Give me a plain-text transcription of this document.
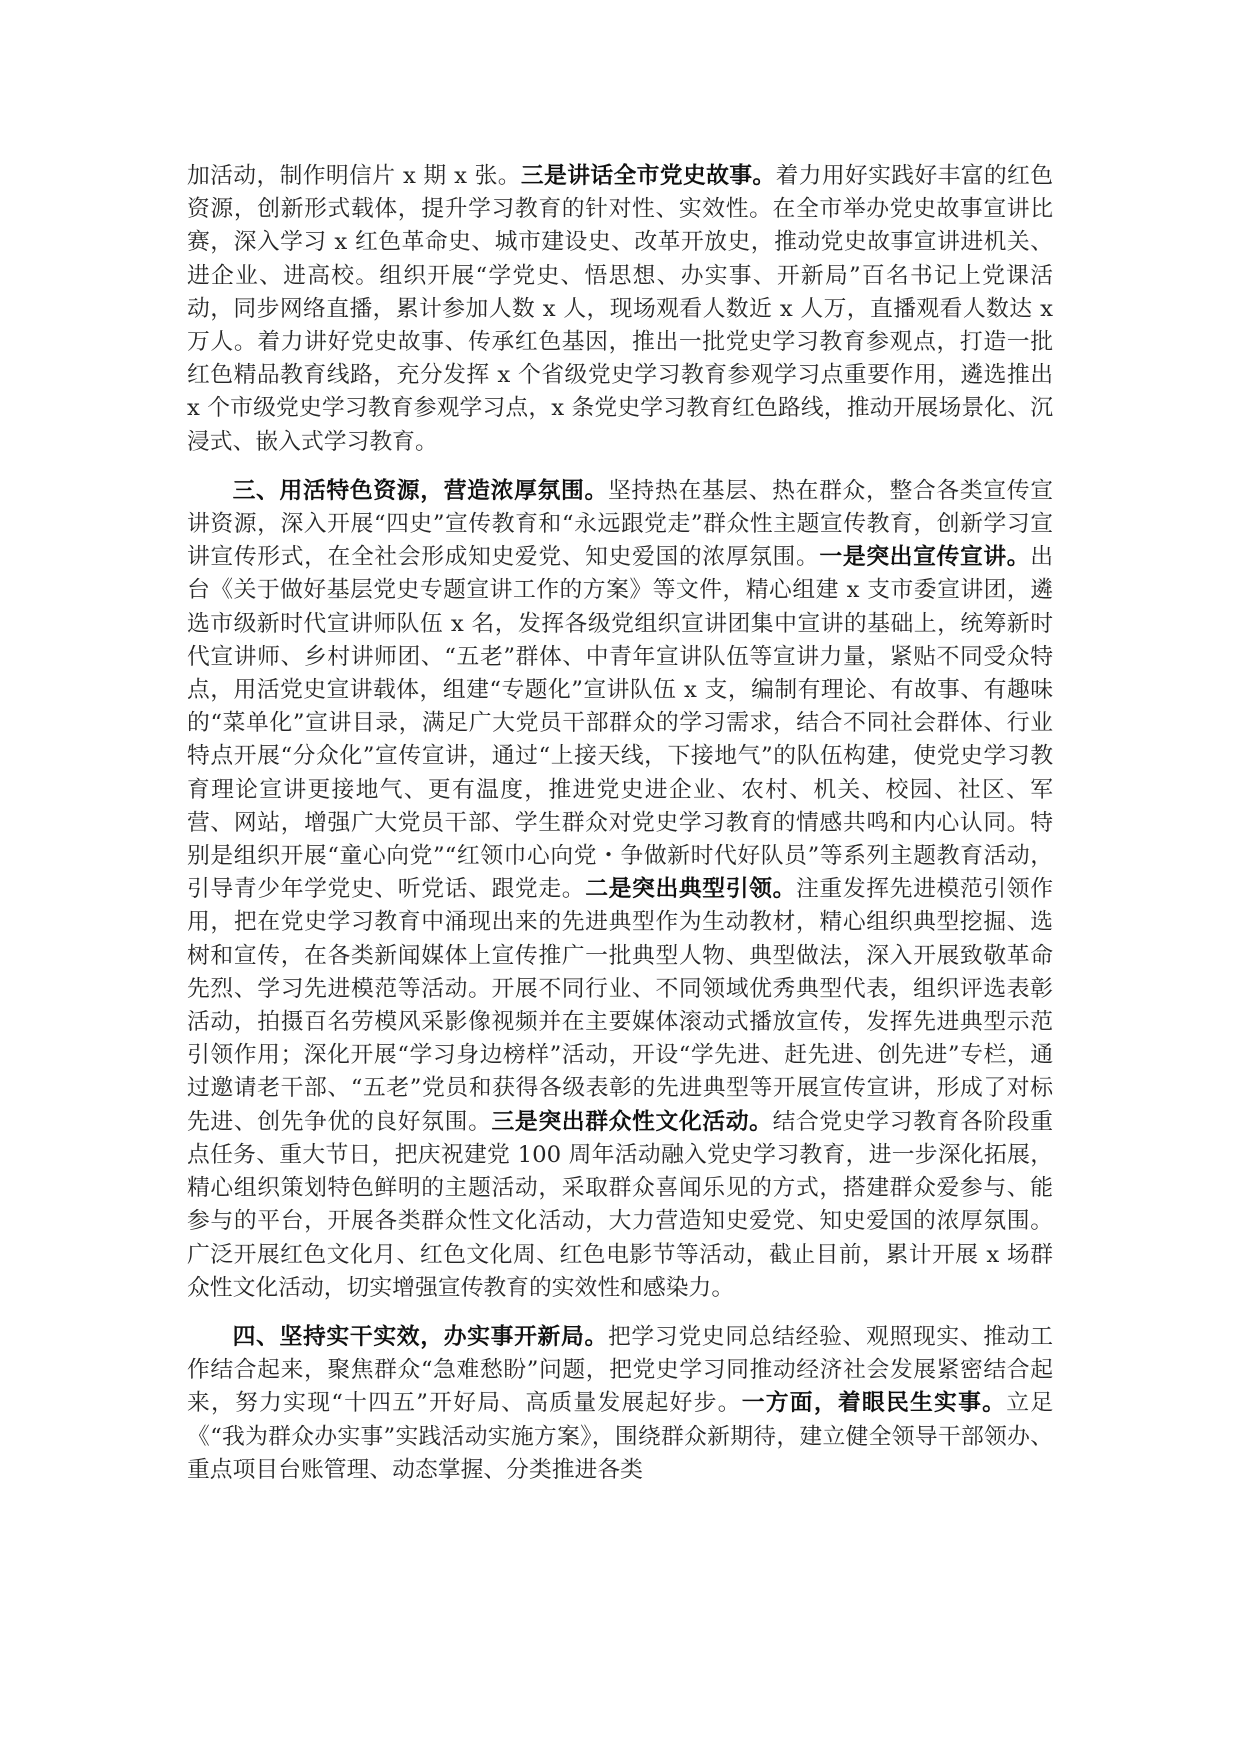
加活动，制作明信片 x 期 x 张。三是讲话全市党史故事。着力用好实践好丰富的红色资源，创新形式载体，提升学习教育的针对性、实效性。在全市举办党史故事宣讲比赛，深入学习 x 红色革命史、城市建设史、改革开放史，推动党史故事宣讲进机关、进企业、进高校。组织开展“学党史、悟思想、办实事、开新局”百名书记上党课活动，同步网络直播，累计参加人数 x 人，现场观看人数近 x 人万，直播观看人数达 x 万人。着力讲好党史故事、传承红色基因，推出一批党史学习教育参观点，打造一批红色精品教育线路，充分发挥 x 个省级党史学习教育参观学习点重要作用，遴选推出 x 个市级党史学习教育参观学习点，x 条党史学习教育红色路线，推动开展场景化、沉浸式、嵌入式学习教育。

三、用活特色资源，营造浓厚氛围。坚持热在基层、热在群众，整合各类宣传宣讲资源，深入开展“四史”宣传教育和“永远跟党走”群众性主题宣传教育，创新学习宣讲宣传形式，在全社会形成知史爱党、知史爱国的浓厚氛围。一是突出宣传宣讲。出台《关于做好基层党史专题宣讲工作的方案》等文件，精心组建 x 支市委宣讲团，遴选市级新时代宣讲师队伍 x 名，发挥各级党组织宣讲团集中宣讲的基础上，统筹新时代宣讲师、乡村讲师团、“五老”群体、中青年宣讲队伍等宣讲力量，紧贴不同受众特点，用活党史宣讲载体，组建“专题化”宣讲队伍 x 支，编制有理论、有故事、有趣味的“菜单化”宣讲目录，满足广大党员干部群众的学习需求，结合不同社会群体、行业特点开展“分众化”宣传宣讲，通过“上接天线，下接地气”的队伍构建，使党史学习教育理论宣讲更接地气、更有温度，推进党史进企业、农村、机关、校园、社区、军营、网站，增强广大党员干部、学生群众对党史学习教育的情感共鸣和内心认同。特别是组织开展“童心向党”“红领巾心向党・争做新时代好队员”等系列主题教育活动，引导青少年学党史、听党话、跟党走。二是突出典型引领。注重发挥先进模范引领作用，把在党史学习教育中涌现出来的先进典型作为生动教材，精心组织典型挖掘、选树和宣传，在各类新闻媒体上宣传推广一批典型人物、典型做法，深入开展致敬革命先烈、学习先进模范等活动。开展不同行业、不同领域优秀典型代表，组织评选表彰活动，拍摄百名劳模风采影像视频并在主要媒体滚动式播放宣传，发挥先进典型示范引领作用；深化开展“学习身边榜样”活动，开设“学先进、赶先进、创先进”专栏，通过邀请老干部、“五老”党员和获得各级表彰的先进典型等开展宣传宣讲，形成了对标先进、创先争优的良好氛围。三是突出群众性文化活动。结合党史学习教育各阶段重点任务、重大节日，把庆祝建党 100 周年活动融入党史学习教育，进一步深化拓展，精心组织策划特色鲜明的主题活动，采取群众喜闻乐见的方式，搭建群众爱参与、能参与的平台，开展各类群众性文化活动，大力营造知史爱党、知史爱国的浓厚氛围。广泛开展红色文化月、红色文化周、红色电影节等活动，截止目前，累计开展 x 场群众性文化活动，切实增强宣传教育的实效性和感染力。

四、坚持实干实效，办实事开新局。把学习党史同总结经验、观照现实、推动工作结合起来，聚焦群众“急难愁盼”问题，把党史学习同推动经济社会发展紧密结合起来，努力实现“十四五”开好局、高质量发展起好步。一方面，着眼民生实事。立足《“我为群众办实事”实践活动实施方案》，围绕群众新期待，建立健全领导干部领办、重点项目台账管理、动态掌握、分类推进各类
